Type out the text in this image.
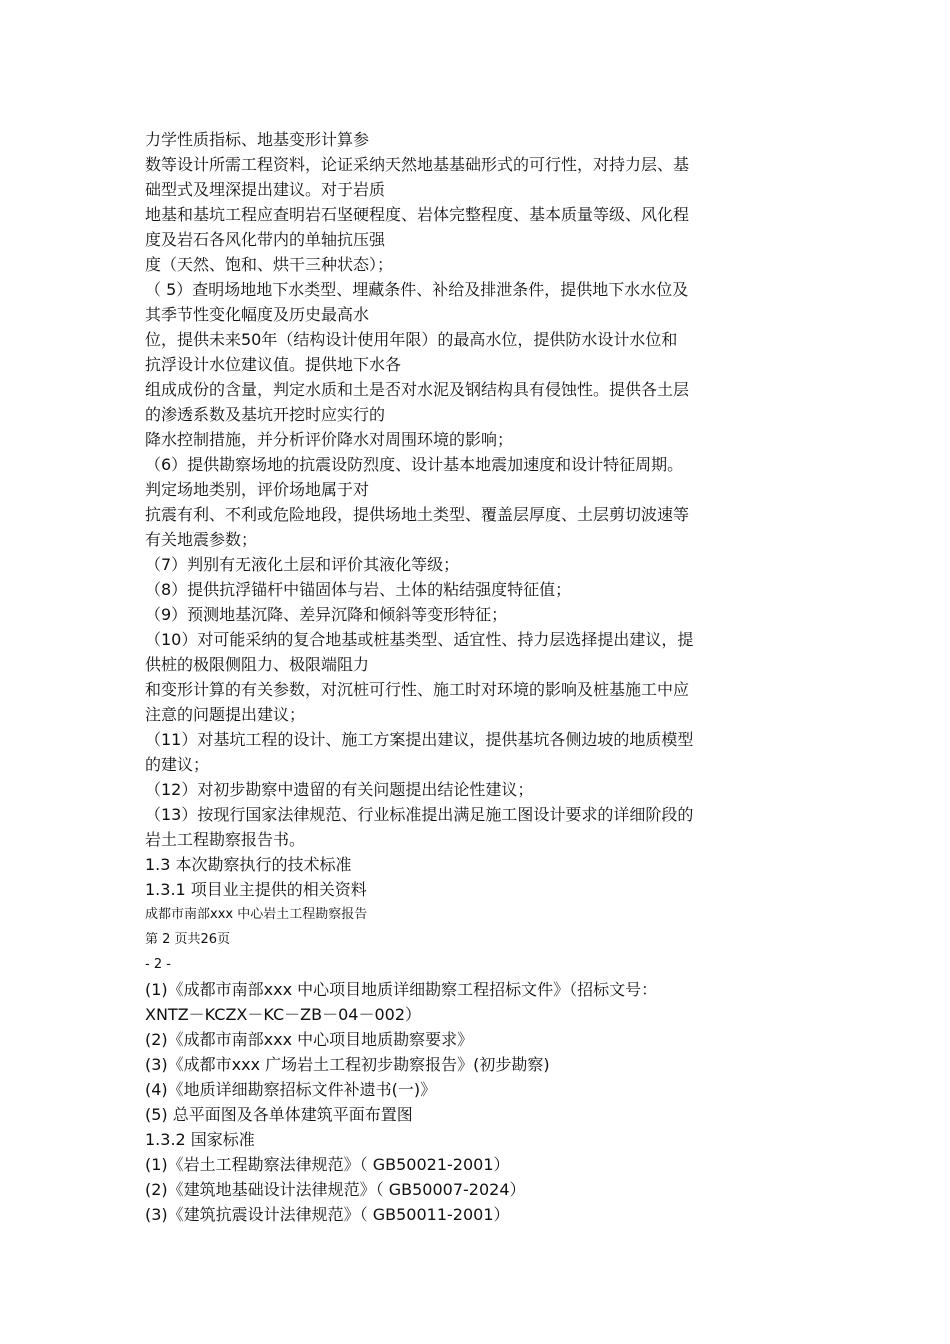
力学性质指标、地基变形计算参
数等设计所需工程资料，论证采纳天然地基基础形式的可行性，对持力层、基
础型式及埋深提出建议。对于岩质
地基和基坑工程应查明岩石坚硬程度、岩体完整程度、基本质量等级、风化程
度及岩石各风化带内的单轴抗压强
度（天然、饱和、烘干三种状态）；
（ 5）查明场地地下水类型、埋藏条件、补给及排泄条件，提供地下水水位及
其季节性变化幅度及历史最高水
位，提供未来50年（结构设计使用年限）的最高水位，提供防水设计水位和
抗浮设计水位建议值。提供地下水各
组成成份的含量，判定水质和土是否对水泥及钢结构具有侵蚀性。提供各土层
的渗透系数及基坑开挖时应实行的
降水控制措施，并分析评价降水对周围环境的影响；
（6）提供勘察场地的抗震设防烈度、设计基本地震加速度和设计特征周期。
判定场地类别，评价场地属于对
抗震有利、不利或危险地段，提供场地土类型、覆盖层厚度、土层剪切波速等
有关地震参数；
（7）判别有无液化土层和评价其液化等级；
（8）提供抗浮锚杆中锚固体与岩、土体的粘结强度特征值；
（9）预测地基沉降、差异沉降和倾斜等变形特征；
（10）对可能采纳的复合地基或桩基类型、适宜性、持力层选择提出建议，提
供桩的极限侧阻力、极限端阻力
和变形计算的有关参数，对沉桩可行性、施工时对环境的影响及桩基施工中应
注意的问题提出建议；
（11）对基坑工程的设计、施工方案提出建议，提供基坑各侧边坡的地质模型
的建议；
（12）对初步勘察中遗留的有关问题提出结论性建议；
（13）按现行国家法律规范、行业标准提出满足施工图设计要求的详细阶段的
岩土工程勘察报告书。
1.3 本次勘察执行的技术标准
1.3.1 项目业主提供的相关资料
成都市南部xxx 中心岩土工程勘察报告
第 2 页共26页
- 2 -
(1)《成都市南部xxx 中心项目地质详细勘察工程招标文件》（招标文号：
XNTZ－KCZX－KC－ZB－04－002）
(2)《成都市南部xxx 中心项目地质勘察要求》
(3)《成都市xxx 广场岩土工程初步勘察报告》(初步勘察)
(4)《地质详细勘察招标文件补遗书(一)》
(5) 总平面图及各单体建筑平面布置图
1.3.2 国家标准
(1)《岩土工程勘察法律规范》（ GB50021-2001）
(2)《建筑地基础设计法律规范》（ GB50007-2024）
(3)《建筑抗震设计法律规范》（ GB50011-2001）
